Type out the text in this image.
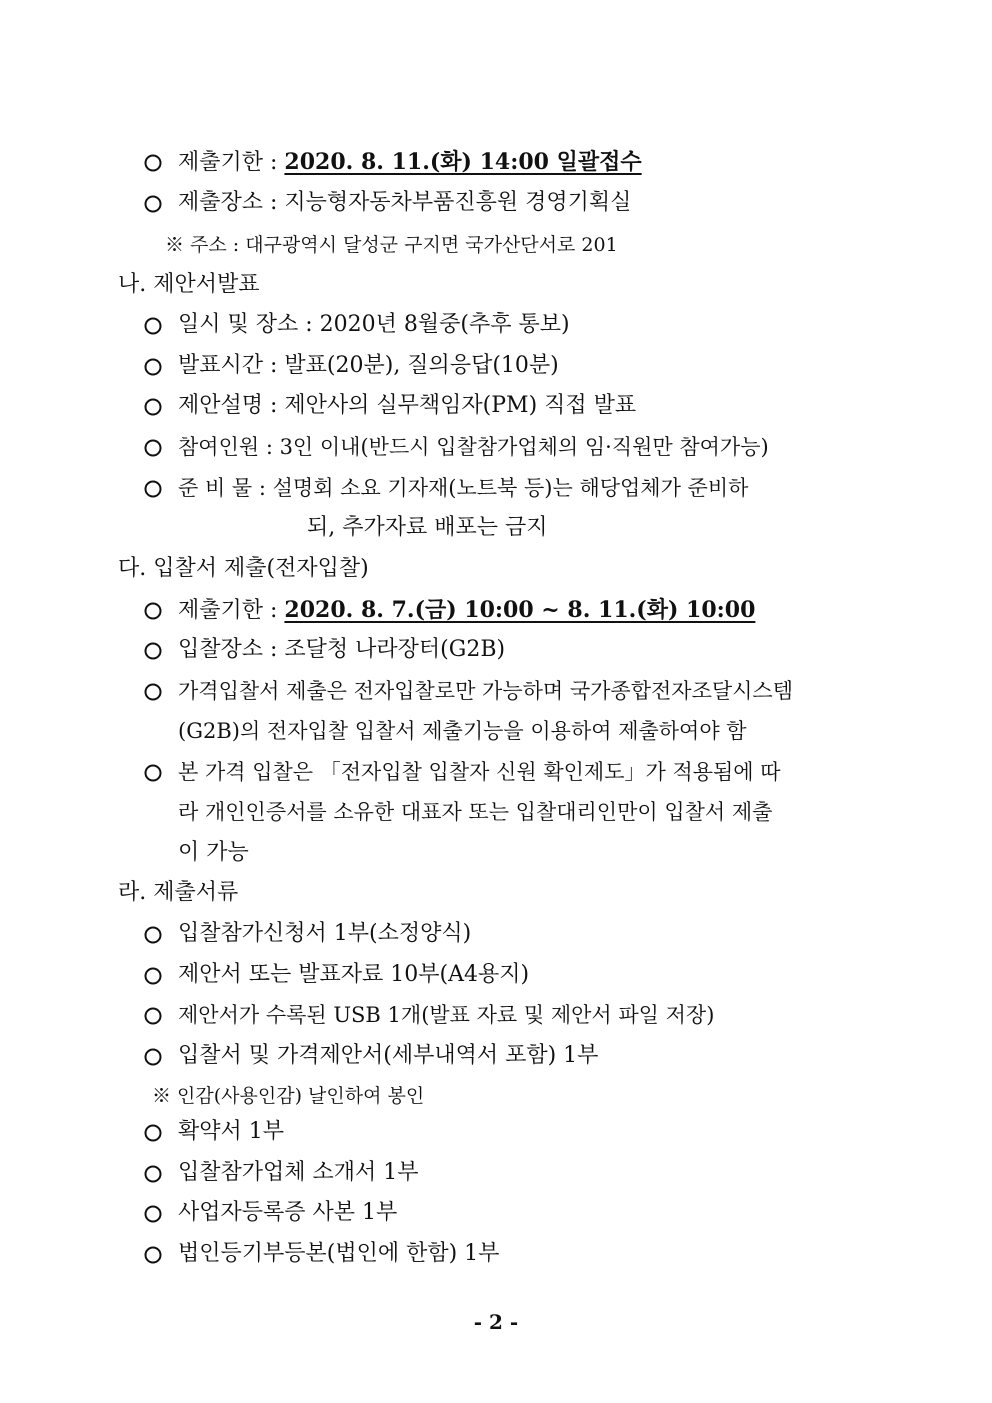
제출기한 : 2020. 8. 11.(화) 14:00 일괄접수
제출장소 : 지능형자동차부품진흥원 경영기획실
※ 주소 : 대구광역시 달성군 구지면 국가산단서로 201
나. 제안서발표
일시 및 장소 : 2020년 8월중(추후 통보)
발표시간 : 발표(20분), 질의응답(10분)
제안설명 : 제안사의 실무책임자(PM) 직접 발표
참여인원 : 3인 이내(반드시 입찰참가업체의 임·직원만 참여가능)
준 비 물 : 설명회 소요 기자재(노트북 등)는 해당업체가 준비하
되, 추가자료 배포는 금지
다. 입찰서 제출(전자입찰)
제출기한 : 2020. 8. 7.(금) 10:00 ~ 8. 11.(화) 10:00
입찰장소 : 조달청 나라장터(G2B)
가격입찰서 제출은 전자입찰로만 가능하며 국가종합전자조달시스템
(G2B)의 전자입찰 입찰서 제출기능을 이용하여 제출하여야 함
본 가격 입찰은 「전자입찰 입찰자 신원 확인제도」가 적용됨에 따
라 개인인증서를 소유한 대표자 또는 입찰대리인만이 입찰서 제출
이 가능
라. 제출서류
입찰참가신청서 1부(소정양식)
제안서 또는 발표자료 10부(A4용지)
제안서가 수록된 USB 1개(발표 자료 및 제안서 파일 저장)
입찰서 및 가격제안서(세부내역서 포함) 1부
※ 인감(사용인감) 날인하여 봉인
확약서 1부
입찰참가업체 소개서 1부
사업자등록증 사본 1부
법인등기부등본(법인에 한함) 1부
- 2 -
